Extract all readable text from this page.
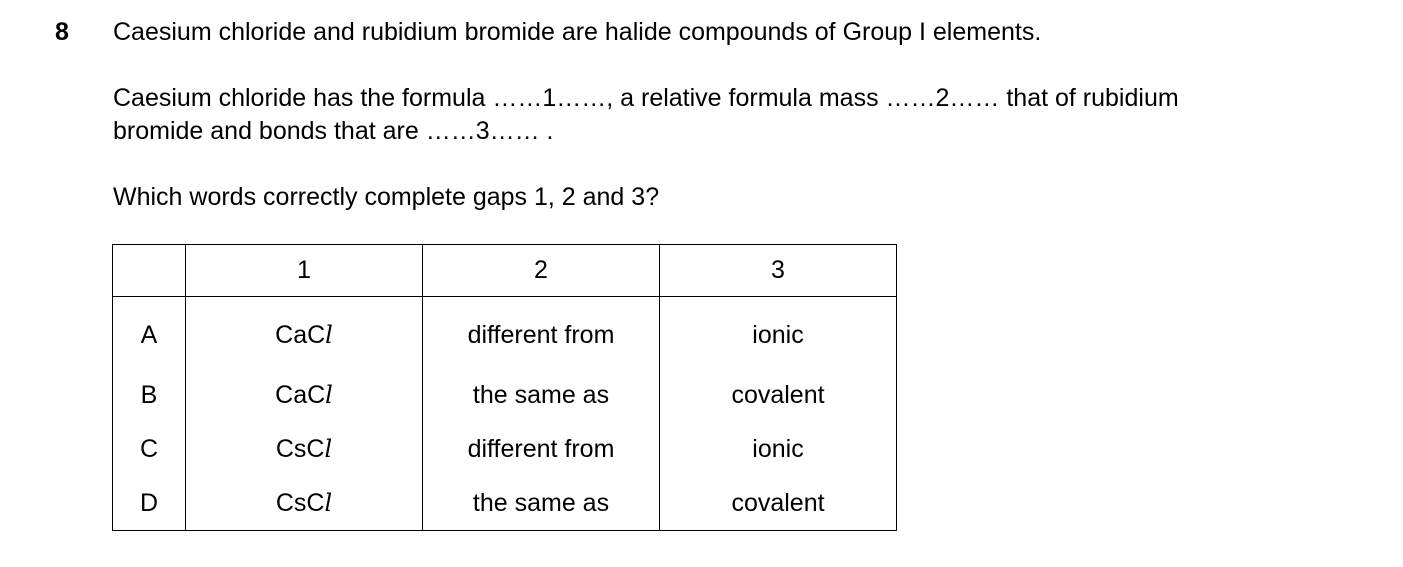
8 Caesium chloride and rubidium bromide are halide compounds of Group I elements.
Caesium chloride has the formula ……1……, a relative formula mass ……2…… that of rubidium
bromide and bonds that are ……3…… .
Which words correctly complete gaps 1, 2 and 3?
	1	2	3
A	CaCl	different from	ionic
B	CaCl	the same as	covalent
C	CsCl	different from	ionic
D	CsCl	the same as	covalent
